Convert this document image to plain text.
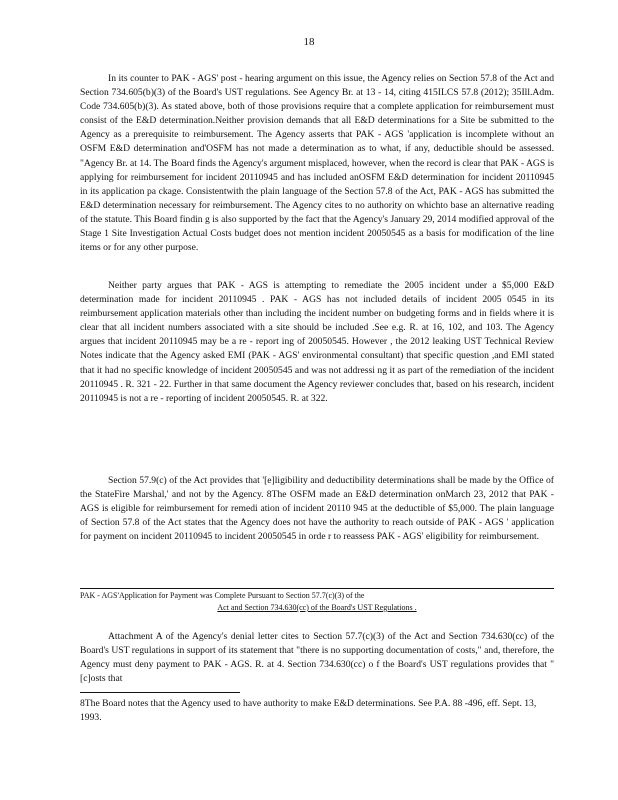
18

In its counter to PAK - AGS' post - hearing argument on this issue, the Agency relies on Section 57.8 of the Act and Section 734.605(b)(3) of the Board's UST regulations. See Agency Br. at 13 - 14, citing 415ILCS 57.8 (2012); 35Ill.Adm. Code 734.605(b)(3). As stated above, both of those provisions require that a complete application for reimbursement must consist of the E&D determination.Neither provision demands that all E&D determinations for a Site be submitted to the Agency as a prerequisite to reimbursement. The Agency asserts that PAK - AGS 'application is incomplete without an OSFM E&D determination and'OSFM has not made a determination as to what, if any, deductible should be assessed. "Agency Br. at 14. The Board finds the Agency's argument misplaced, however, when the record is clear that PAK - AGS is applying for reimbursement for incident 20110945 and has included anOSFM E&D determination for incident 20110945 in its application pa ckage. Consistentwith the plain language of the Section 57.8 of the Act, PAK - AGS has submitted the E&D determination necessary for reimbursement. The Agency cites to no authority on whichto base an alternative reading of the statute. This Board findin g is also supported by the fact that the Agency's January 29, 2014 modified approval of the Stage 1 Site Investigation Actual Costs budget does not mention incident 20050545 as a basis for modification of the line items or for any other purpose.

Neither party argues that PAK - AGS is attempting to remediate the 2005 incident under a $5,000 E&D determination made for incident 20110945 . PAK - AGS has not included details of incident 2005 0545 in its reimbursement application materials other than including the incident number on budgeting forms and in fields where it is clear that all incident numbers associated with a site should be included .See e.g. R. at 16, 102, and 103. The Agency argues that incident 20110945 may be a re - report ing of 20050545. However , the 2012 leaking UST Technical Review Notes indicate that the Agency asked EMI (PAK - AGS' environmental consultant) that specific question ,and EMI stated that it had no specific knowledge of incident 20050545 and was not addressi ng it as part of the remediation of the incident 20110945 . R. 321 - 22. Further in that same document the Agency reviewer concludes that, based on his research, incident 20110945 is not a re - reporting of incident 20050545. R. at 322.

Section 57.9(c) of the Act provides that '[e]ligibility and deductibility determinations shall be made by the Office of the StateFire Marshal,' and not by the Agency. 8The OSFM made an E&D determination onMarch 23, 2012 that PAK -AGS is eligible for reimbursement for remedi ation of incident 20110 945 at the deductible of $5,000. The plain language of Section 57.8 of the Act states that the Agency does not have the authority to reach outside of PAK - AGS ' application for payment on incident 20110945 to incident 20050545 in orde r to reassess PAK - AGS' eligibility for reimbursement.

PAK - AGS'Application for Payment was Complete Pursuant to Section 57.7(c)(3) of the
Act and Section 734.630(cc) of the Board's UST Regulations .

Attachment A of the Agency's denial letter cites to Section 57.7(c)(3) of the Act and Section 734.630(cc) of the Board's UST regulations in support of its statement that "there is no supporting documentation of costs," and, therefore, the Agency must deny payment to PAK - AGS. R. at 4. Section 734.630(cc) o f the Board's UST regulations provides that "[c]osts that

8The Board notes that the Agency used to have authority to make E&D determinations. See P.A. 88 -496, eff. Sept. 13, 1993.
